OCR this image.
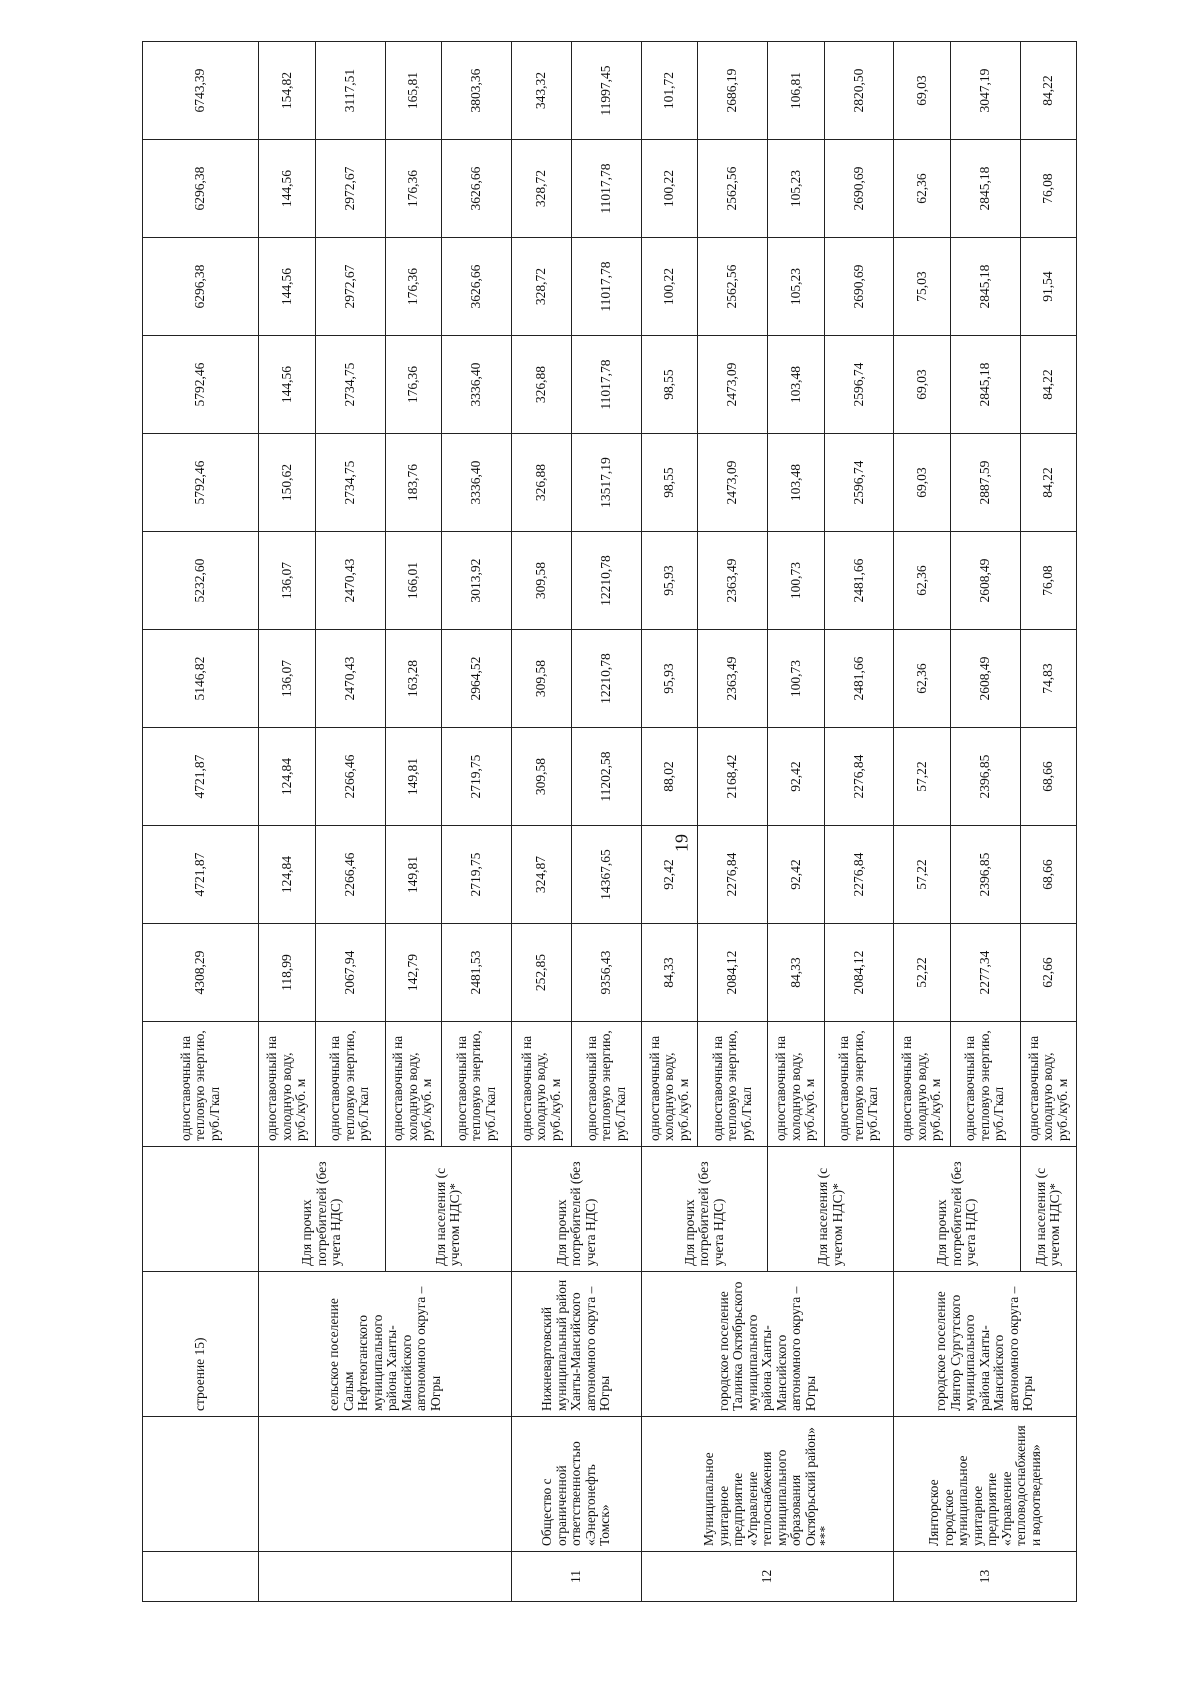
19
		строение 15)		одноставочный на тепловую энергию, руб./Гкал	4308,29	4721,87	4721,87	5146,82	5232,60	5792,46	5792,46	6296,38	6296,38	6743,39
		сельское поселение Салым Нефтеюганского муниципального района Ханты-Мансийского автономного округа – Югры	Для прочих потребителей (без учета НДС)	одноставочный на холодную воду, руб./куб. м	118,99	124,84	124,84	136,07	136,07	150,62	144,56	144,56	144,56	154,82
				одноставочный на тепловую энергию, руб./Гкал	2067,94	2266,46	2266,46	2470,43	2470,43	2734,75	2734,75	2972,67	2972,67	3117,51
			Для населения (с учетом НДС)*	одноставочный на холодную воду, руб./куб. м	142,79	149,81	149,81	163,28	166,01	183,76	176,36	176,36	176,36	165,81
				одноставочный на тепловую энергию, руб./Гкал	2481,53	2719,75	2719,75	2964,52	3013,92	3336,40	3336,40	3626,66	3626,66	3803,36
11	Общество с ограниченной ответственностью «Энергонефть Томск»	Нижневартовский муниципальный район Ханты-Мансийского автономного округа – Югры	Для прочих потребителей (без учета НДС)	одноставочный на холодную воду, руб./куб. м	252,85	324,87	309,58	309,58	309,58	326,88	326,88	328,72	328,72	343,32
				одноставочный на тепловую энергию, руб./Гкал	9356,43	14367,65	11202,58	12210,78	12210,78	13517,19	11017,78	11017,78	11017,78	11997,45
12	Муниципальное унитарное предприятие «Управление теплоснабжения муниципального образования Октябрьский район» ***	городское поселение Талинка Октябрьского муниципального района Ханты-Мансийского автономного округа – Югры	Для прочих потребителей (без учета НДС)	одноставочный на холодную воду, руб./куб. м	84,33	92,42	88,02	95,93	95,93	98,55	98,55	100,22	100,22	101,72
				одноставочный на тепловую энергию, руб./Гкал	2084,12	2276,84	2168,42	2363,49	2363,49	2473,09	2473,09	2562,56	2562,56	2686,19
			Для населения (с учетом НДС)*	одноставочный на холодную воду, руб./куб. м	84,33	92,42	92,42	100,73	100,73	103,48	103,48	105,23	105,23	106,81
				одноставочный на тепловую энергию, руб./Гкал	2084,12	2276,84	2276,84	2481,66	2481,66	2596,74	2596,74	2690,69	2690,69	2820,50
13	Лянторское городское муниципальное унитарное предприятие «Управление тепловодоснабжения и водоотведения»	городское поселение Лянтор Сургутского муниципального района Ханты-Мансийского автономного округа – Югры	Для прочих потребителей (без учета НДС)	одноставочный на холодную воду, руб./куб. м	52,22	57,22	57,22	62,36	62,36	69,03	69,03	75,03	62,36	69,03
				одноставочный на тепловую энергию, руб./Гкал	2277,34	2396,85	2396,85	2608,49	2608,49	2887,59	2845,18	2845,18	2845,18	3047,19
			Для населения (с учетом НДС)*	одноставочный на холодную воду, руб./куб. м	62,66	68,66	68,66	74,83	76,08	84,22	84,22	91,54	76,08	84,22
